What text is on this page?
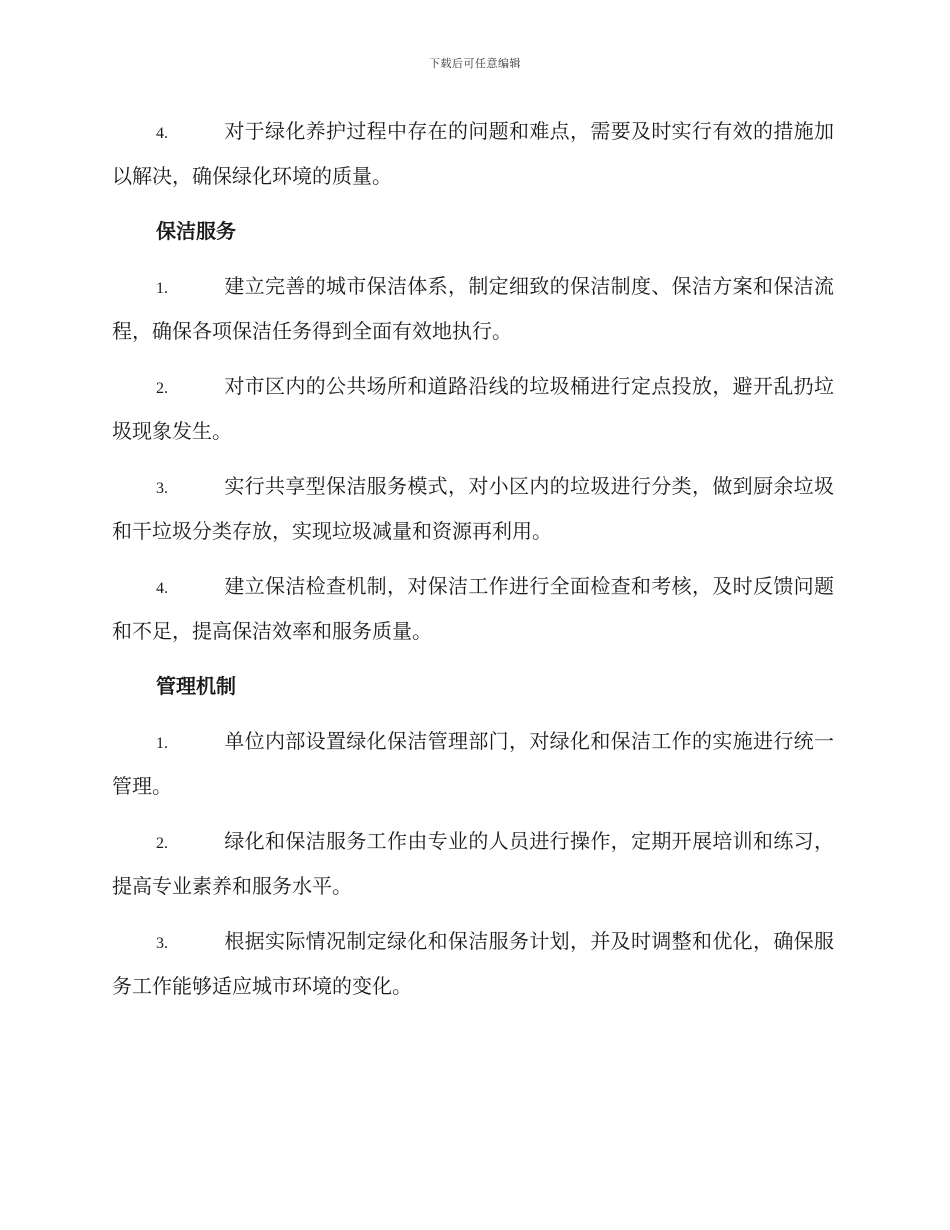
下载后可任意编辑

4.	对于绿化养护过程中存在的问题和难点，需要及时实行有效的措施加以解决，确保绿化环境的质量。

保洁服务

1.	建立完善的城市保洁体系，制定细致的保洁制度、保洁方案和保洁流程，确保各项保洁任务得到全面有效地执行。

2.	对市区内的公共场所和道路沿线的垃圾桶进行定点投放，避开乱扔垃圾现象发生。

3.	实行共享型保洁服务模式，对小区内的垃圾进行分类，做到厨余垃圾和干垃圾分类存放，实现垃圾减量和资源再利用。

4.	建立保洁检查机制，对保洁工作进行全面检查和考核，及时反馈问题和不足，提高保洁效率和服务质量。

管理机制

1.	单位内部设置绿化保洁管理部门，对绿化和保洁工作的实施进行统一管理。

2.	绿化和保洁服务工作由专业的人员进行操作，定期开展培训和练习，提高专业素养和服务水平。

3.	根据实际情况制定绿化和保洁服务计划，并及时调整和优化，确保服务工作能够适应城市环境的变化。
